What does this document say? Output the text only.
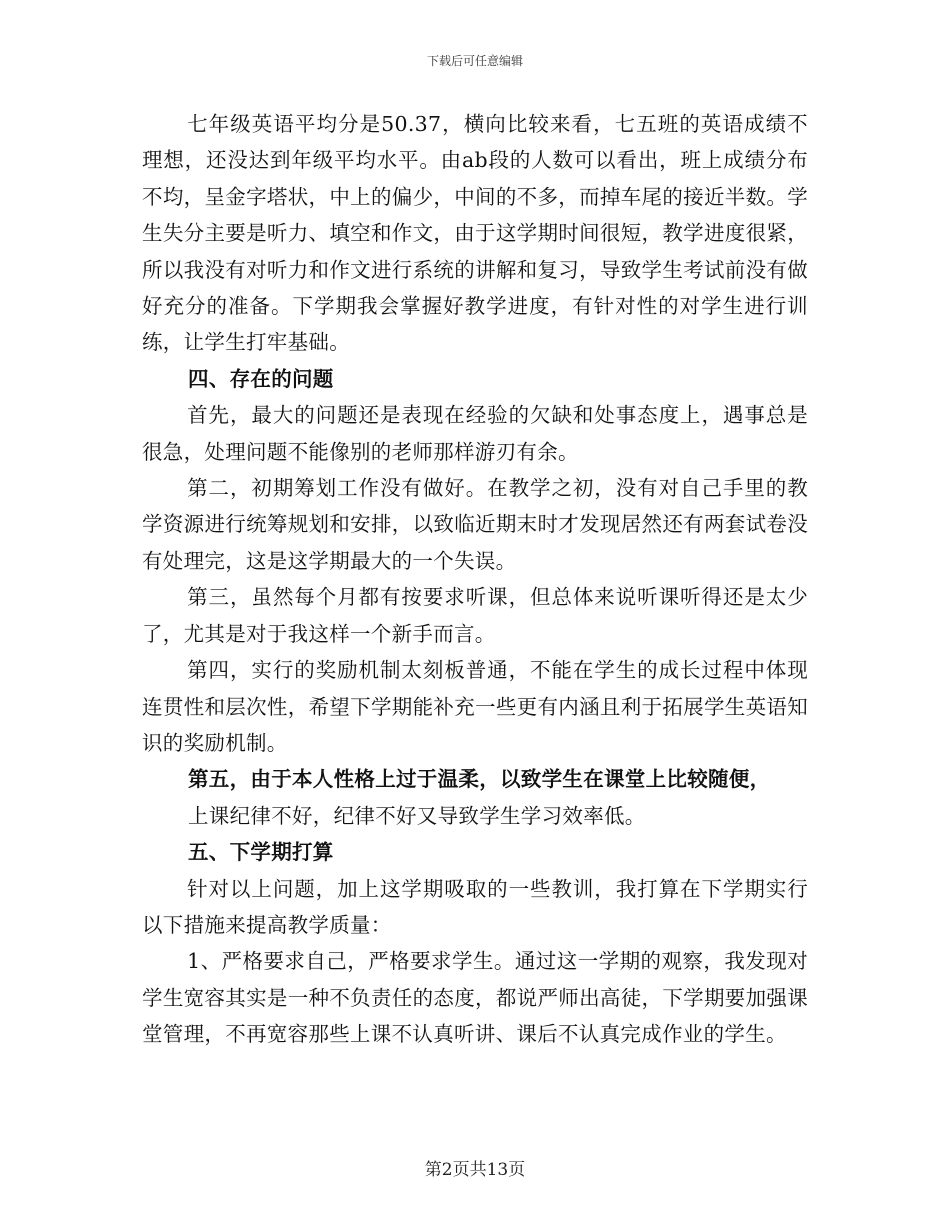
下载后可任意编辑

七年级英语平均分是50.37，横向比较来看，七五班的英语成绩不理想，还没达到年级平均水平。由ab段的人数可以看出，班上成绩分布不均，呈金字塔状，中上的偏少，中间的不多，而掉车尾的接近半数。学生失分主要是听力、填空和作文，由于这学期时间很短，教学进度很紧，所以我没有对听力和作文进行系统的讲解和复习，导致学生考试前没有做好充分的准备。下学期我会掌握好教学进度，有针对性的对学生进行训练，让学生打牢基础。

四、存在的问题

首先，最大的问题还是表现在经验的欠缺和处事态度上，遇事总是很急，处理问题不能像别的老师那样游刃有余。

第二，初期筹划工作没有做好。在教学之初，没有对自己手里的教学资源进行统筹规划和安排，以致临近期末时才发现居然还有两套试卷没有处理完，这是这学期最大的一个失误。

第三，虽然每个月都有按要求听课，但总体来说听课听得还是太少了，尤其是对于我这样一个新手而言。

第四，实行的奖励机制太刻板普通，不能在学生的成长过程中体现连贯性和层次性，希望下学期能补充一些更有内涵且利于拓展学生英语知识的奖励机制。

第五，由于本人性格上过于温柔，以致学生在课堂上比较随便，

上课纪律不好，纪律不好又导致学生学习效率低。

五、下学期打算

针对以上问题，加上这学期吸取的一些教训，我打算在下学期实行以下措施来提高教学质量：

1、严格要求自己，严格要求学生。通过这一学期的观察，我发现对学生宽容其实是一种不负责任的态度，都说严师出高徒，下学期要加强课堂管理，不再宽容那些上课不认真听讲、课后不认真完成作业的学生。

第2页共13页
